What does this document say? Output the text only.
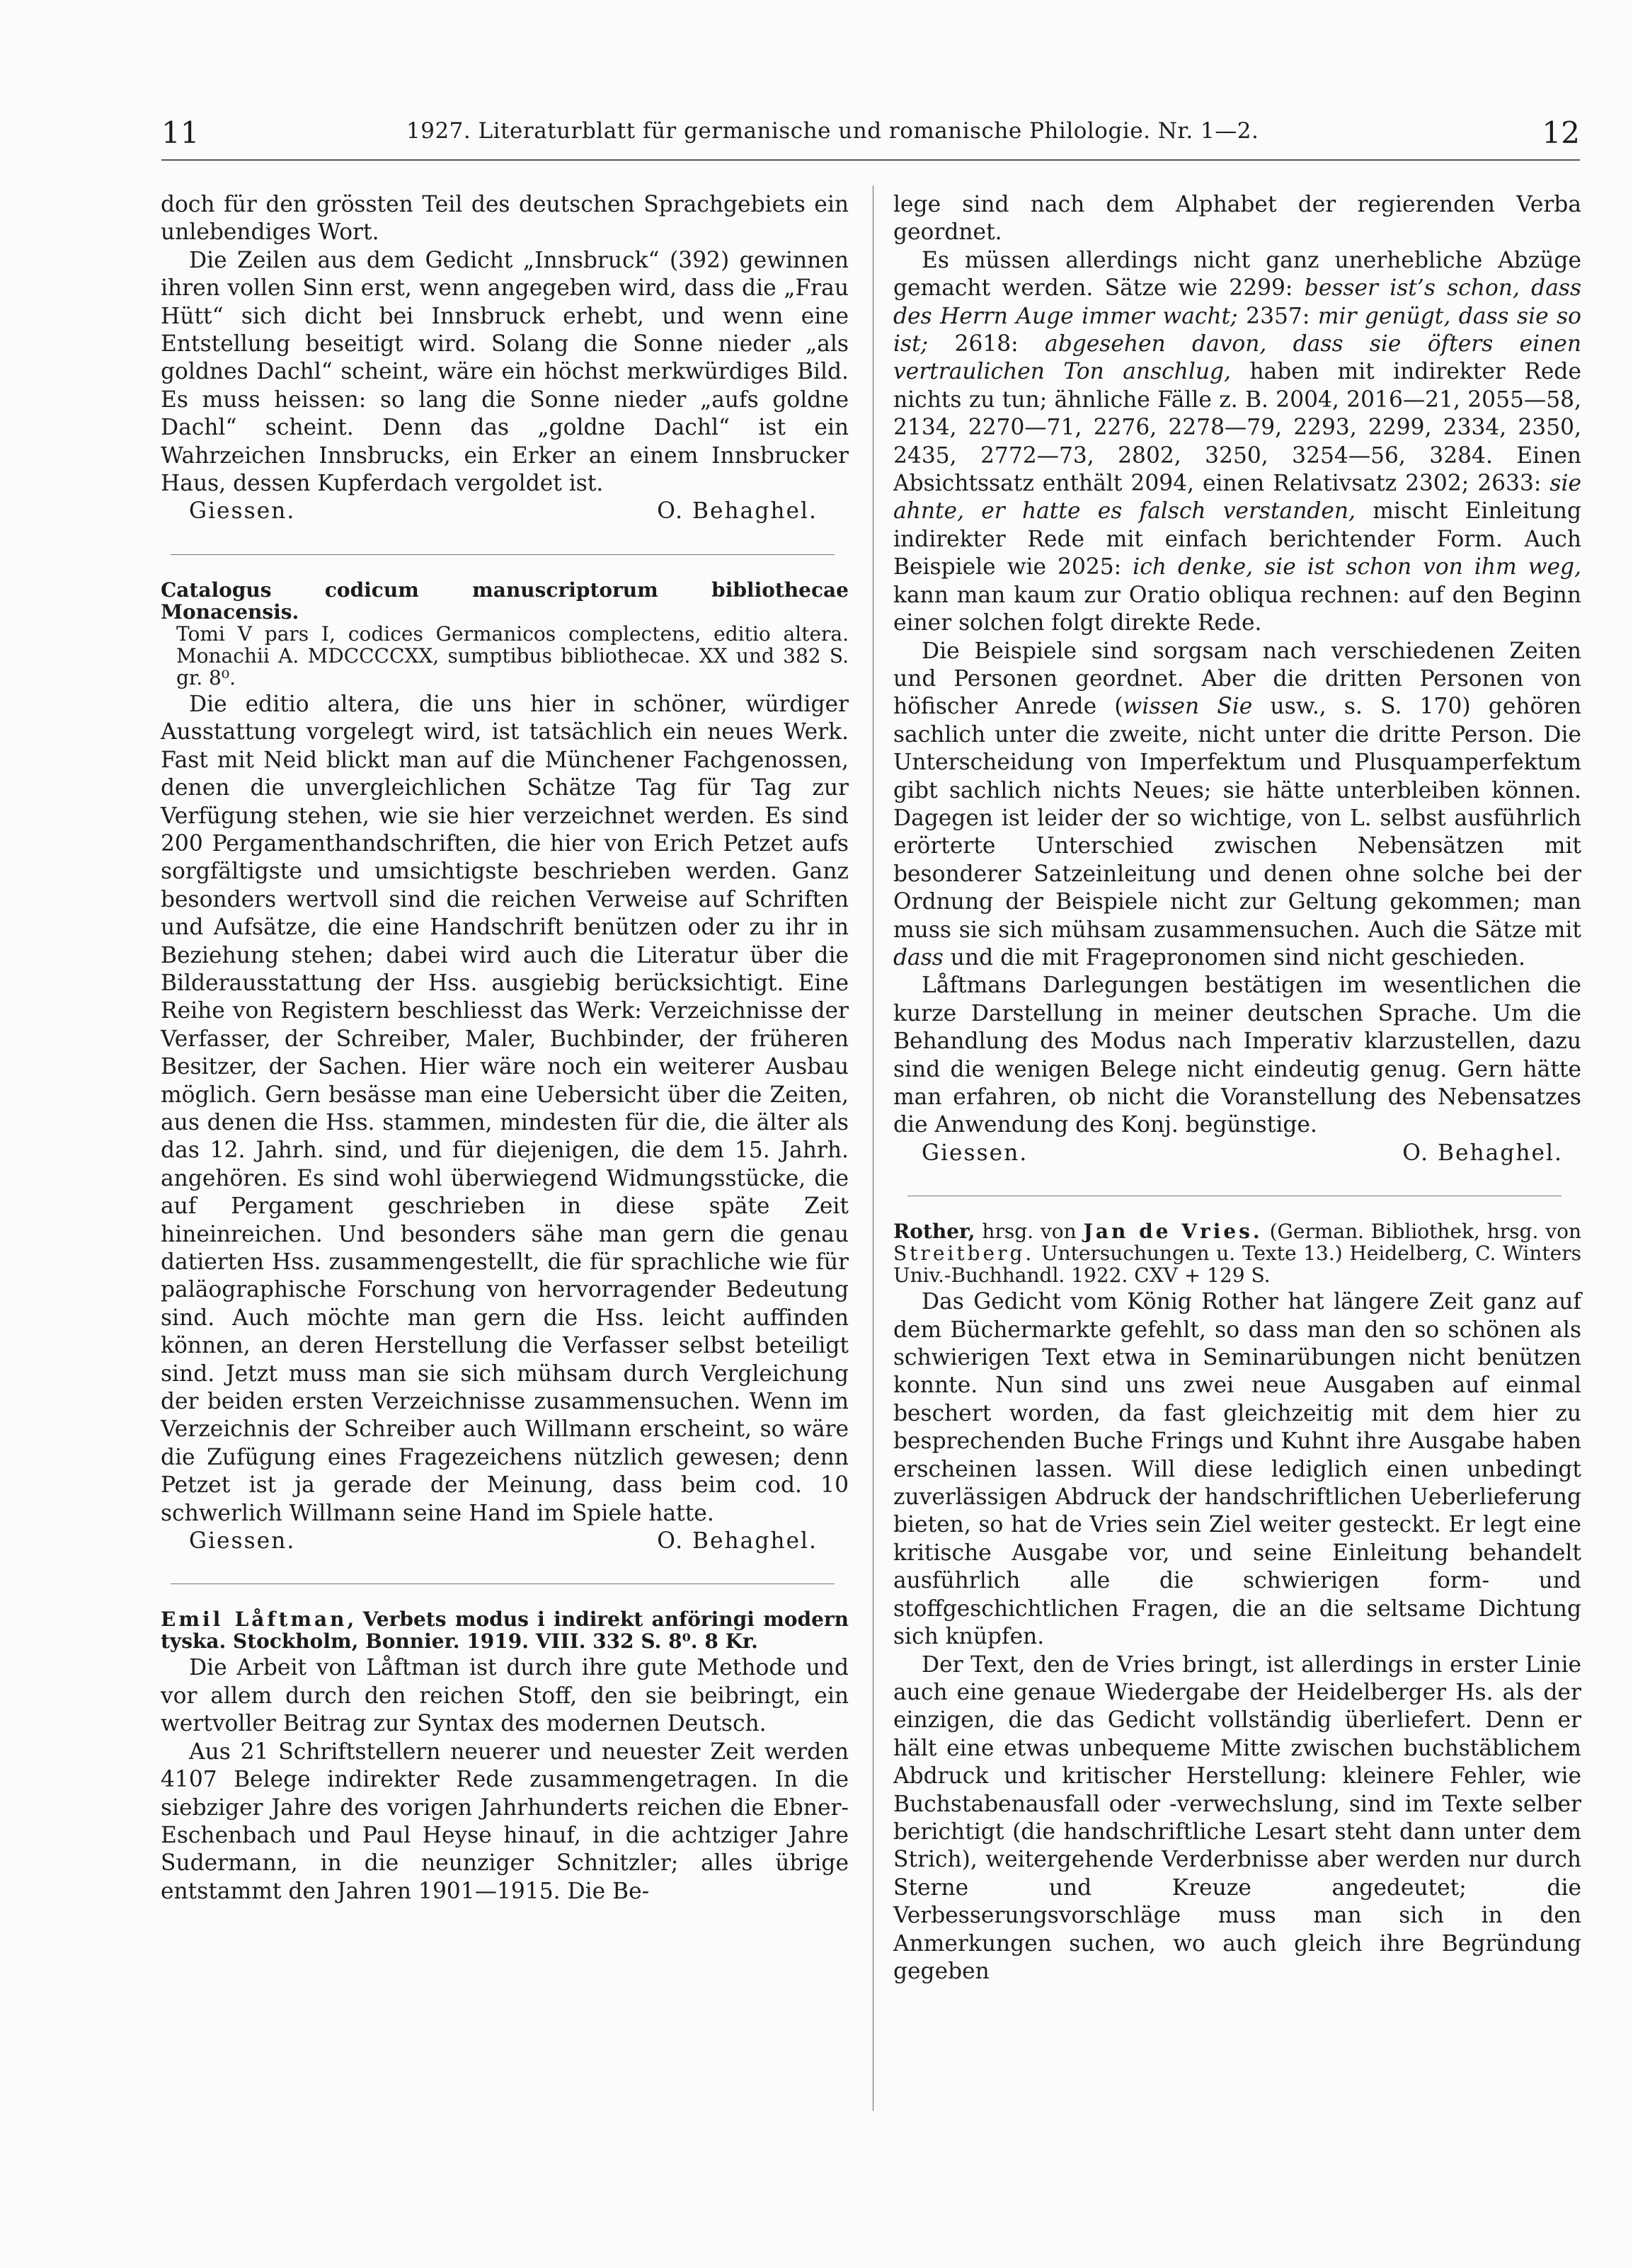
11	1927. Literaturblatt für germanische und romanische Philologie. Nr. 1—2.	12

doch für den grössten Teil des deutschen Sprachgebiets ein unlebendiges Wort.

Die Zeilen aus dem Gedicht „Innsbruck“ (392) gewinnen ihren vollen Sinn erst, wenn angegeben wird, dass die „Frau Hütt“ sich dicht bei Innsbruck erhebt, und wenn eine Entstellung beseitigt wird. Solang die Sonne nieder „als goldnes Dachl“ scheint, wäre ein höchst merkwürdiges Bild. Es muss heissen: so lang die Sonne nieder „aufs goldne Dachl“ scheint. Denn das „goldne Dachl“ ist ein Wahrzeichen Innsbrucks, ein Erker an einem Innsbrucker Haus, dessen Kupferdach vergoldet ist.

Giessen.	O. Behaghel.
Catalogus codicum manuscriptorum bibliothecae Monacensis.
Tomi V pars I, codices Germanicos complectens, editio altera. Monachii A. MDCCCCXX, sumptibus bibliothecae. XX und 382 S. gr. 8⁰.

Die editio altera, die uns hier in schöner, würdiger Ausstattung vorgelegt wird, ist tatsächlich ein neues Werk. Fast mit Neid blickt man auf die Münchener Fachgenossen, denen die unvergleichlichen Schätze Tag für Tag zur Verfügung stehen, wie sie hier verzeichnet werden. Es sind 200 Pergamenthandschriften, die hier von Erich Petzet aufs sorgfältigste und umsichtigste beschrieben werden. Ganz besonders wertvoll sind die reichen Verweise auf Schriften und Aufsätze, die eine Handschrift benützen oder zu ihr in Beziehung stehen; dabei wird auch die Literatur über die Bilderausstattung der Hss. ausgiebig berücksichtigt. Eine Reihe von Registern beschliesst das Werk: Verzeichnisse der Verfasser, der Schreiber, Maler, Buchbinder, der früheren Besitzer, der Sachen. Hier wäre noch ein weiterer Ausbau möglich. Gern besässe man eine Uebersicht über die Zeiten, aus denen die Hss. stammen, mindesten für die, die älter als das 12. Jahrh. sind, und für diejenigen, die dem 15. Jahrh. angehören. Es sind wohl überwiegend Widmungsstücke, die auf Pergament geschrieben in diese späte Zeit hineinreichen. Und besonders sähe man gern die genau datierten Hss. zusammengestellt, die für sprachliche wie für paläographische Forschung von hervorragender Bedeutung sind. Auch möchte man gern die Hss. leicht auffinden können, an deren Herstellung die Verfasser selbst beteiligt sind. Jetzt muss man sie sich mühsam durch Vergleichung der beiden ersten Verzeichnisse zusammensuchen. Wenn im Verzeichnis der Schreiber auch Willmann erscheint, so wäre die Zufügung eines Fragezeichens nützlich gewesen; denn Petzet ist ja gerade der Meinung, dass beim cod. 10 schwerlich Willmann seine Hand im Spiele hatte.

Giessen.	O. Behaghel.
Emil Låftman, Verbets modus i indirekt anföringi modern tyska. Stockholm, Bonnier. 1919. VIII. 332 S. 8⁰. 8 Kr.

Die Arbeit von Låftman ist durch ihre gute Methode und vor allem durch den reichen Stoff, den sie beibringt, ein wertvoller Beitrag zur Syntax des modernen Deutsch.

Aus 21 Schriftstellern neuerer und neuester Zeit werden 4107 Belege indirekter Rede zusammengetragen. In die siebziger Jahre des vorigen Jahrhunderts reichen die Ebner-Eschenbach und Paul Heyse hinauf, in die achtziger Jahre Sudermann, in die neunziger Schnitzler; alles übrige entstammt den Jahren 1901—1915. Die Be-

lege sind nach dem Alphabet der regierenden Verba geordnet.

Es müssen allerdings nicht ganz unerhebliche Abzüge gemacht werden. Sätze wie 2299: besser ist’s schon, dass des Herrn Auge immer wacht; 2357: mir genügt, dass sie so ist; 2618: abgesehen davon, dass sie öfters einen vertraulichen Ton anschlug, haben mit indirekter Rede nichts zu tun; ähnliche Fälle z. B. 2004, 2016—21, 2055—58, 2134, 2270—71, 2276, 2278—79, 2293, 2299, 2334, 2350, 2435, 2772—73, 2802, 3250, 3254—56, 3284. Einen Absichtssatz enthält 2094, einen Relativsatz 2302; 2633: sie ahnte, er hatte es falsch verstanden, mischt Einleitung indirekter Rede mit einfach berichtender Form. Auch Beispiele wie 2025: ich denke, sie ist schon von ihm weg, kann man kaum zur Oratio obliqua rechnen: auf den Beginn einer solchen folgt direkte Rede.

Die Beispiele sind sorgsam nach verschiedenen Zeiten und Personen geordnet. Aber die dritten Personen von höfischer Anrede (wissen Sie usw., s. S. 170) gehören sachlich unter die zweite, nicht unter die dritte Person. Die Unterscheidung von Imperfektum und Plusquamperfektum gibt sachlich nichts Neues; sie hätte unterbleiben können. Dagegen ist leider der so wichtige, von L. selbst ausführlich erörterte Unterschied zwischen Nebensätzen mit besonderer Satzeinleitung und denen ohne solche bei der Ordnung der Beispiele nicht zur Geltung gekommen; man muss sie sich mühsam zusammensuchen. Auch die Sätze mit dass und die mit Fragepronomen sind nicht geschieden.

Låftmans Darlegungen bestätigen im wesentlichen die kurze Darstellung in meiner deutschen Sprache. Um die Behandlung des Modus nach Imperativ klarzustellen, dazu sind die wenigen Belege nicht eindeutig genug. Gern hätte man erfahren, ob nicht die Voranstellung des Nebensatzes die Anwendung des Konj. begünstige.

Giessen.	O. Behaghel.
Rother, hrsg. von Jan de Vries. (German. Bibliothek, hrsg. von Streitberg. Untersuchungen u. Texte 13.) Heidelberg, C. Winters Univ.-Buchhandl. 1922. CXV + 129 S.

Das Gedicht vom König Rother hat längere Zeit ganz auf dem Büchermarkte gefehlt, so dass man den so schönen als schwierigen Text etwa in Seminarübungen nicht benützen konnte. Nun sind uns zwei neue Ausgaben auf einmal beschert worden, da fast gleichzeitig mit dem hier zu besprechenden Buche Frings und Kuhnt ihre Ausgabe haben erscheinen lassen. Will diese lediglich einen unbedingt zuverlässigen Abdruck der handschriftlichen Ueberlieferung bieten, so hat de Vries sein Ziel weiter gesteckt. Er legt eine kritische Ausgabe vor, und seine Einleitung behandelt ausführlich alle die schwierigen form- und stoffgeschichtlichen Fragen, die an die seltsame Dichtung sich knüpfen.

Der Text, den de Vries bringt, ist allerdings in erster Linie auch eine genaue Wiedergabe der Heidelberger Hs. als der einzigen, die das Gedicht vollständig überliefert. Denn er hält eine etwas unbequeme Mitte zwischen buchstäblichem Abdruck und kritischer Herstellung: kleinere Fehler, wie Buchstabenausfall oder -verwechslung, sind im Texte selber berichtigt (die handschriftliche Lesart steht dann unter dem Strich), weitergehende Verderbnisse aber werden nur durch Sterne und Kreuze angedeutet; die Verbesserungsvorschläge muss man sich in den Anmerkungen suchen, wo auch gleich ihre Begründung gegeben
